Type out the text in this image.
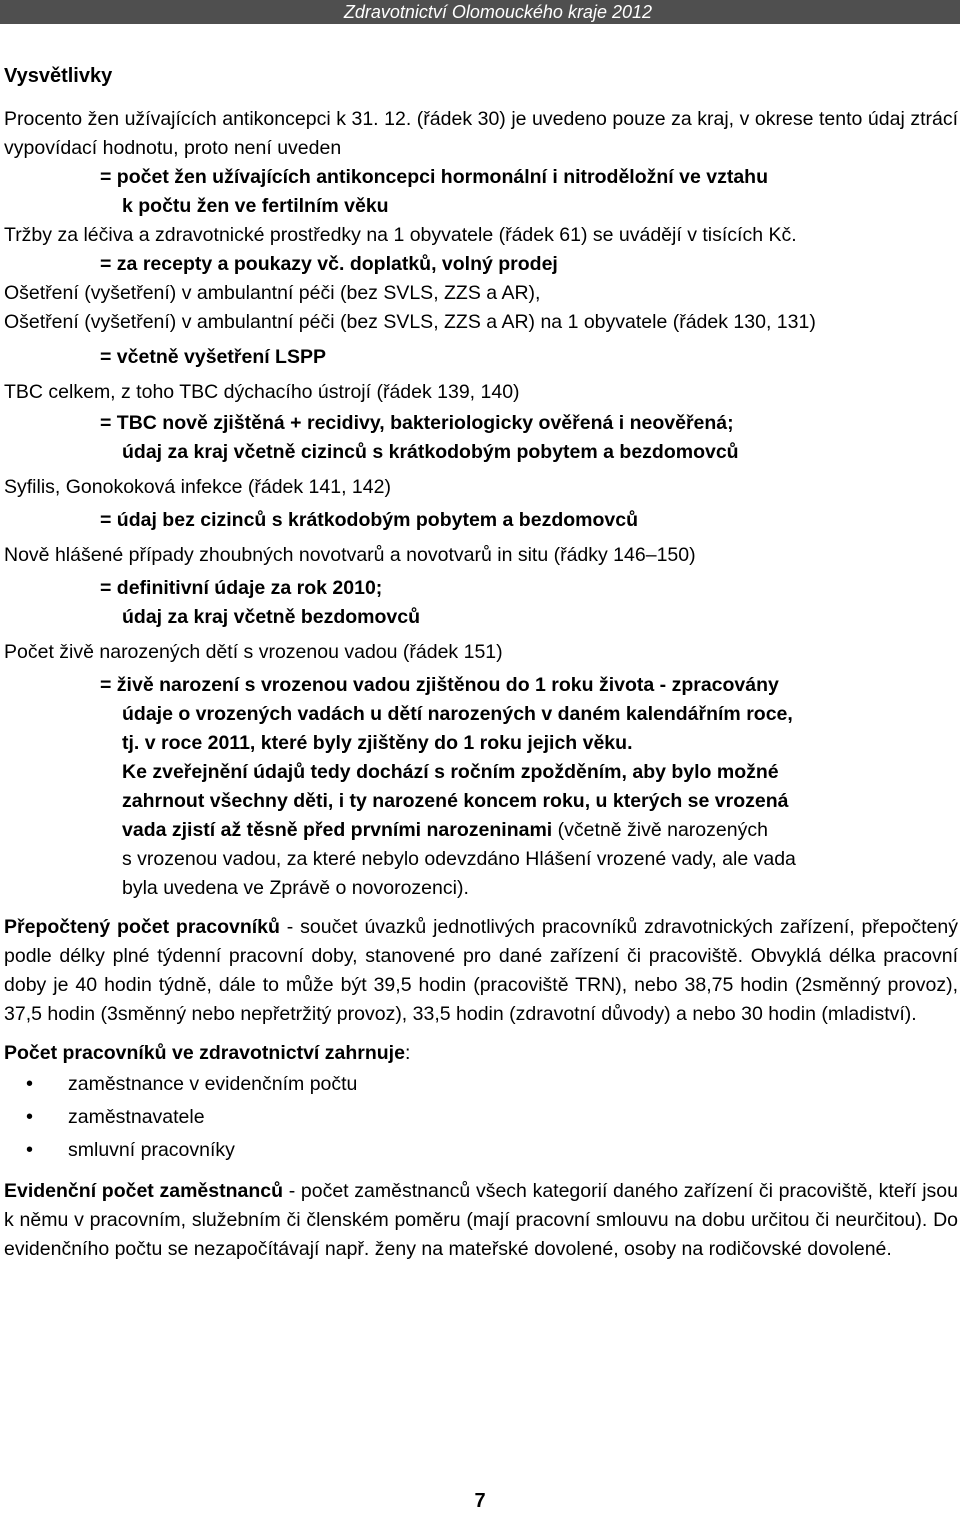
Zdravotnictví Olomouckého kraje 2012
Vysvětlivky

Procento žen užívajících antikoncepci k 31. 12. (řádek 30) je uvedeno pouze za kraj, v okrese tento údaj ztrácí vypovídací hodnotu, proto není uveden

= počet žen užívajících antikoncepci hormonální i nitroděložní ve vztahu

k počtu žen ve fertilním věku

Tržby za léčiva a zdravotnické prostředky na 1 obyvatele (řádek 61) se uvádějí v tisících Kč.

= za recepty a poukazy vč. doplatků, volný prodej

Ošetření (vyšetření) v ambulantní péči (bez SVLS, ZZS a AR),

Ošetření (vyšetření) v ambulantní péči (bez SVLS, ZZS a AR) na 1 obyvatele (řádek 130, 131)

= včetně vyšetření LSPP

TBC celkem, z toho TBC dýchacího ústrojí (řádek 139, 140)

= TBC nově zjištěná + recidivy, bakteriologicky ověřená i neověřená;

údaj za kraj včetně cizinců s krátkodobým pobytem a bezdomovců

Syfilis, Gonokoková infekce (řádek 141, 142)

= údaj bez cizinců s krátkodobým pobytem a bezdomovců

Nově hlášené případy zhoubných novotvarů a novotvarů in situ (řádky 146–150)

= definitivní údaje za rok 2010;

údaj za kraj včetně bezdomovců

Počet živě narozených dětí s vrozenou vadou (řádek 151)

= živě narození s vrozenou vadou zjištěnou do 1 roku života - zpracovány

údaje o vrozených vadách u dětí narozených v daném kalendářním roce,

tj. v roce 2011, které byly zjištěny do 1 roku jejich věku.

Ke zveřejnění údajů tedy dochází s ročním zpožděním, aby bylo možné

zahrnout všechny děti, i ty narozené koncem roku, u kterých se vrozená

vada zjistí až těsně před prvními narozeninami (včetně živě narozených

s vrozenou vadou, za které nebylo odevzdáno Hlášení vrozené vady, ale vada

byla uvedena ve Zprávě o novorozenci).

Přepočtený počet pracovníků - součet úvazků jednotlivých pracovníků zdravotnických zařízení, přepočtený podle délky plné týdenní pracovní doby, stanovené pro dané zařízení či pracoviště. Obvyklá délka pracovní doby je 40 hodin týdně, dále to může být 39,5 hodin (pracoviště TRN), nebo 38,75 hodin (2směnný provoz), 37,5 hodin (3směnný nebo nepřetržitý provoz), 33,5 hodin (zdravotní důvody) a nebo 30 hodin (mladiství).

Počet pracovníků ve zdravotnictví zahrnuje:

• zaměstnance v evidenčním počtu
• zaměstnavatele
• smluvní pracovníky

Evidenční počet zaměstnanců - počet zaměstnanců všech kategorií daného zařízení či pracoviště, kteří jsou k němu v pracovním, služebním či členském poměru (mají pracovní smlouvu na dobu určitou či neurčitou). Do evidenčního počtu se nezapočítávají např. ženy na mateřské dovolené, osoby na rodičovské dovolené.

7
